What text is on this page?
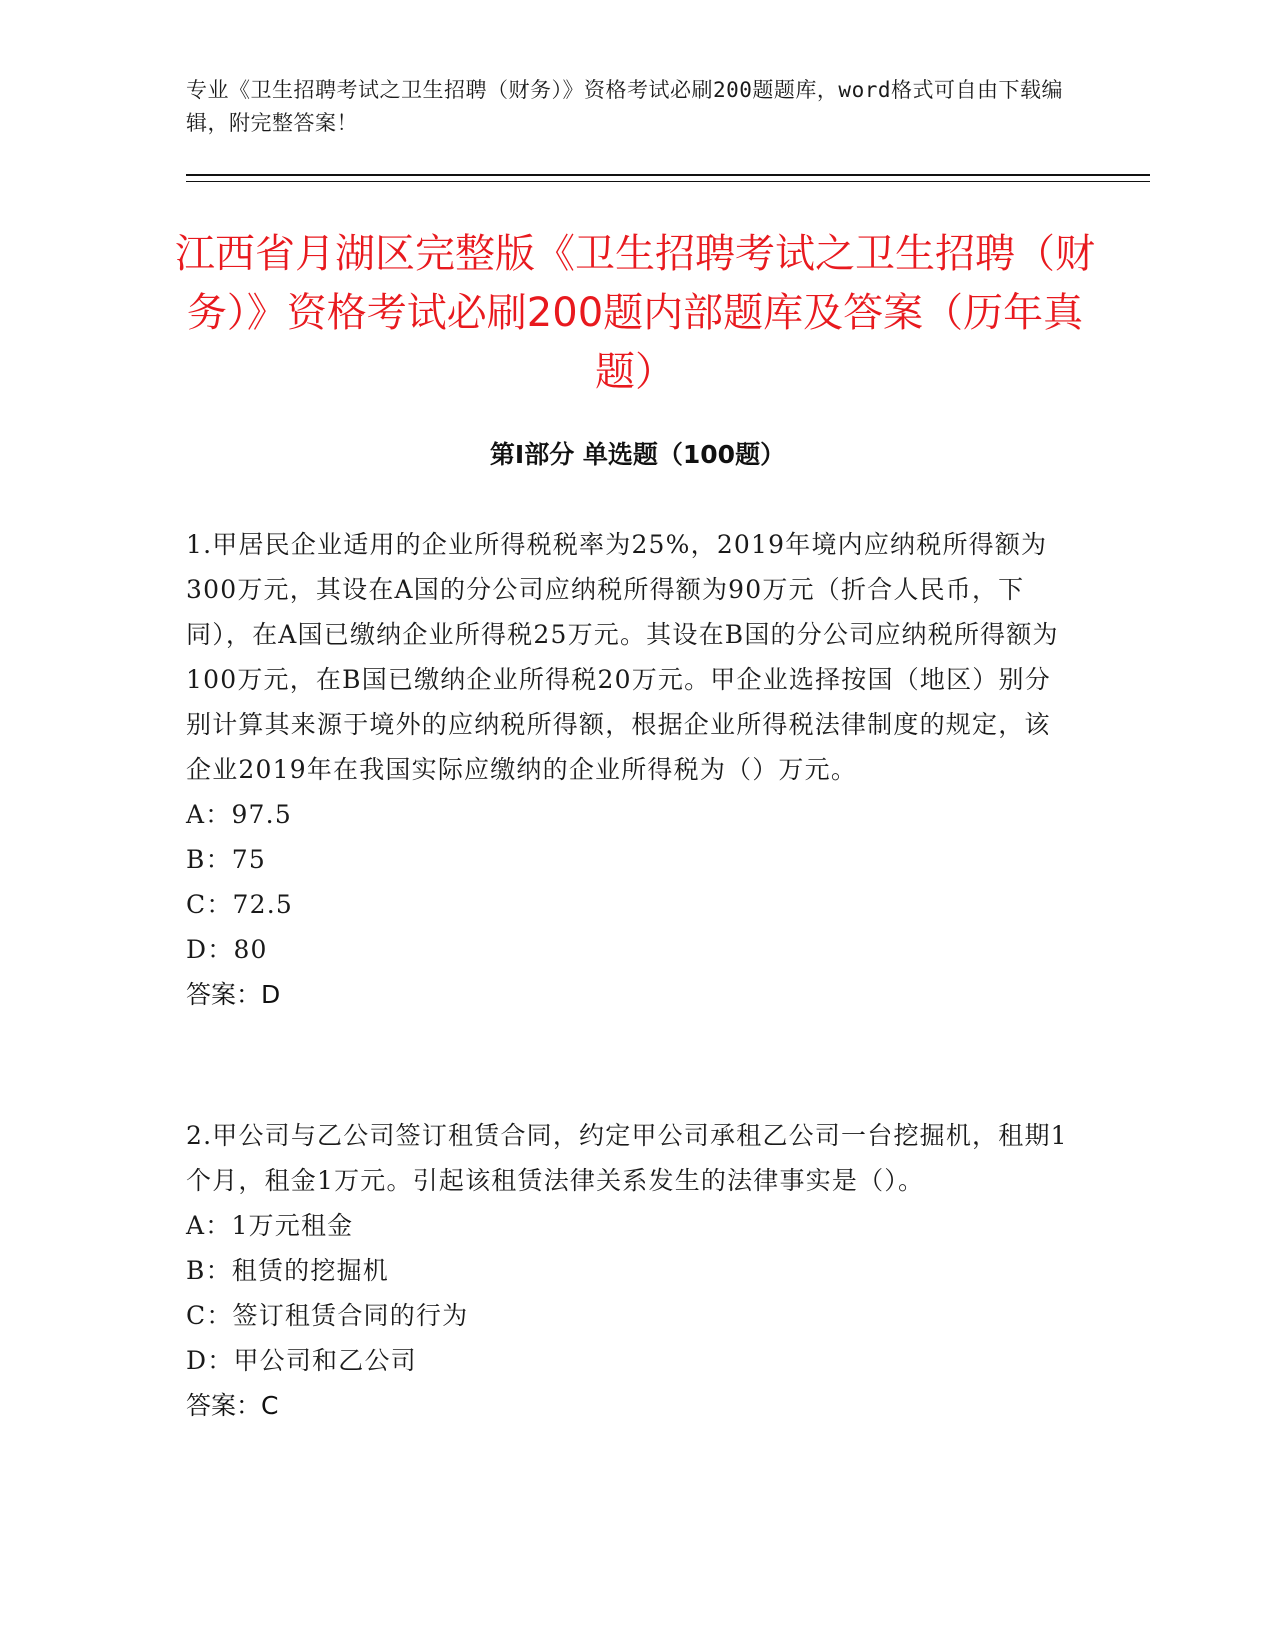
专业《卫生招聘考试之卫生招聘（财务）》资格考试必刷200题题库，word格式可自由下载编辑，附完整答案！
江西省月湖区完整版《卫生招聘考试之卫生招聘（财务）》资格考试必刷200题内部题库及答案（历年真题）
第Ⅰ部分 单选题（100题）

1.甲居民企业适用的企业所得税税率为25%，2019年境内应纳税所得额为300万元，其设在A国的分公司应纳税所得额为90万元（折合人民币，下同），在A国已缴纳企业所得税25万元。其设在B国的分公司应纳税所得额为100万元，在B国已缴纳企业所得税20万元。甲企业选择按国（地区）别分别计算其来源于境外的应纳税所得额，根据企业所得税法律制度的规定，该企业2019年在我国实际应缴纳的企业所得税为（）万元。

A：97.5

B：75

C：72.5

D：80

答案：D

2.甲公司与乙公司签订租赁合同，约定甲公司承租乙公司一台挖掘机，租期1个月，租金1万元。引起该租赁法律关系发生的法律事实是（）。

A：1万元租金

B：租赁的挖掘机

C：签订租赁合同的行为

D：甲公司和乙公司

答案：C
